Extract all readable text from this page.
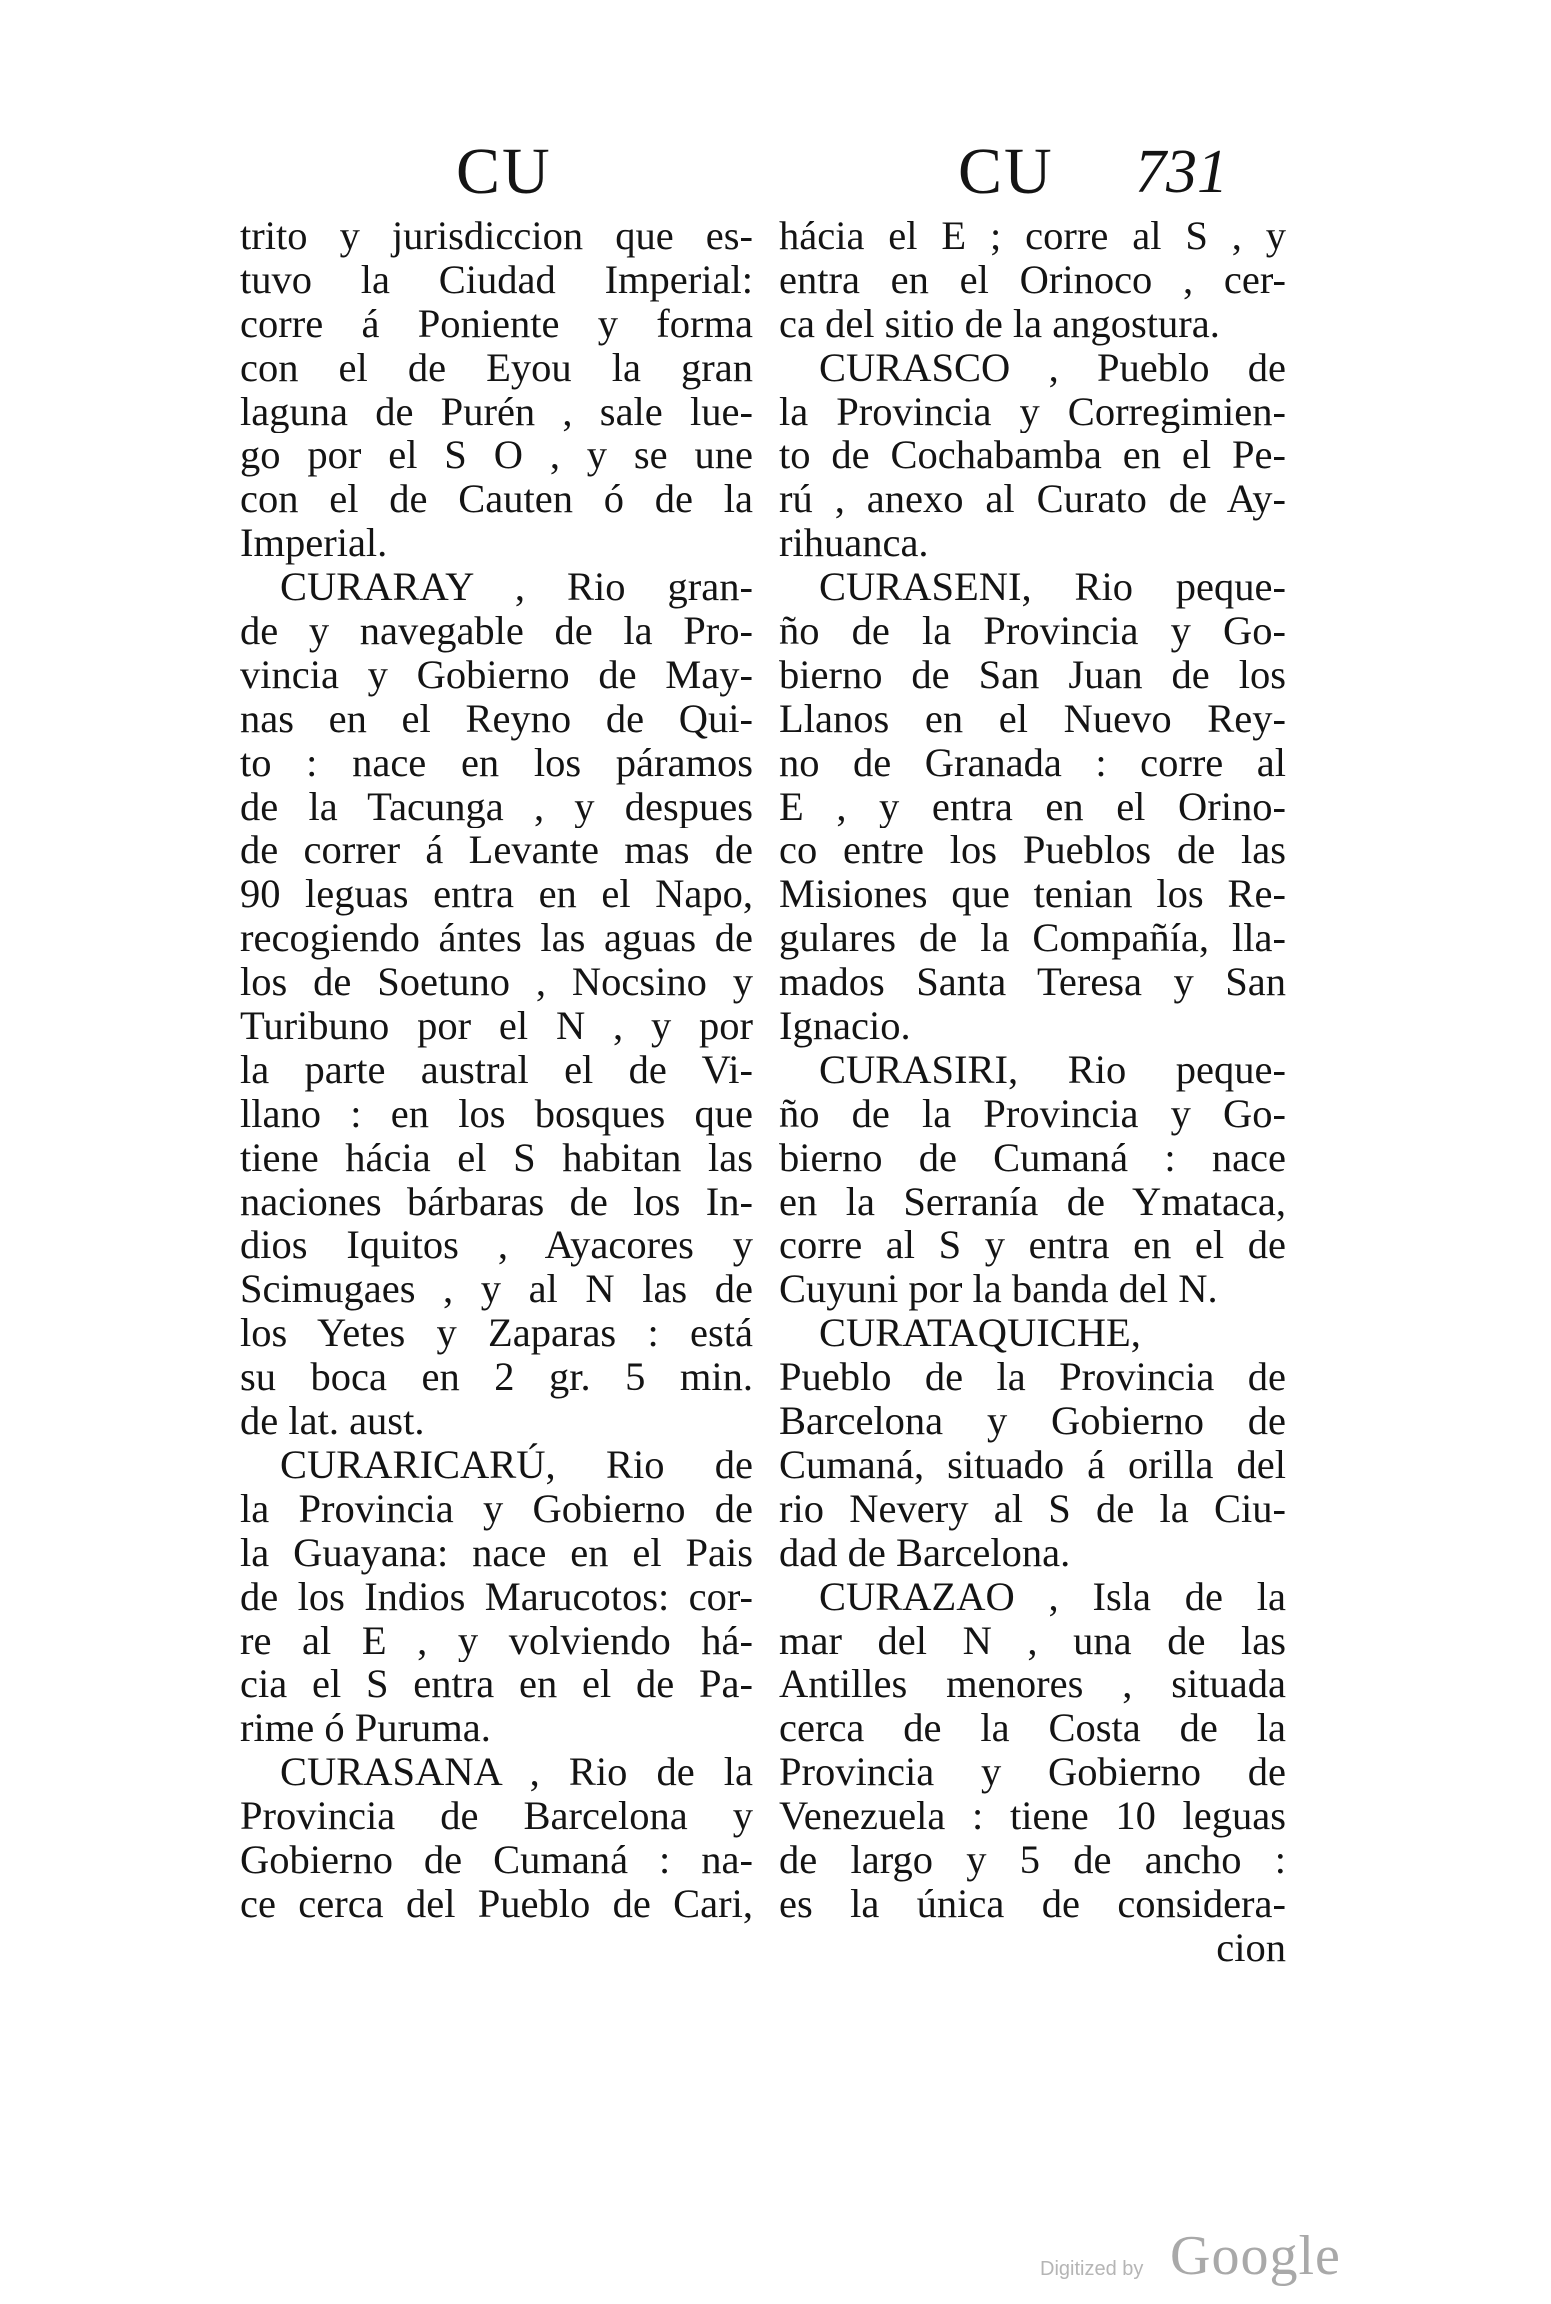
CU	CU 731
trito y jurisdiccion que es-
tuvo la Ciudad Imperial:
corre á Poniente y forma
con el de Eyou la gran
laguna de Purén , sale lue-
go por el S O , y se une
con el de Cauten ó de la
Imperial.
CURARAY , Rio gran-
de y navegable de la Pro-
vincia y Gobierno de May-
nas en el Reyno de Qui-
to : nace en los páramos
de la Tacunga , y despues
de correr á Levante mas de
90 leguas entra en el Napo,
recogiendo ántes las aguas de
los de Soetuno , Nocsino y
Turibuno por el N , y por
la parte austral el de Vi-
llano : en los bosques que
tiene hácia el S habitan las
naciones bárbaras de los In-
dios Iquitos , Ayacores y
Scimugaes , y al N las de
los Yetes y Zaparas : está
su boca en 2 gr. 5 min.
de lat. aust.
CURARICARÚ, Rio de
la Provincia y Gobierno de
la Guayana: nace en el Pais
de los Indios Marucotos: cor-
re al E , y volviendo há-
cia el S entra en el de Pa-
rime ó Puruma.
CURASANA , Rio de la
Provincia de Barcelona y
Gobierno de Cumaná : na-
ce cerca del Pueblo de Cari,
hácia el E ; corre al S , y
entra en el Orinoco , cer-
ca del sitio de la angostura.
CURASCO , Pueblo de
la Provincia y Corregimien-
to de Cochabamba en el Pe-
rú , anexo al Curato de Ay-
rihuanca.
CURASENI, Rio peque-
ño de la Provincia y Go-
bierno de San Juan de los
Llanos en el Nuevo Rey-
no de Granada : corre al
E , y entra en el Orino-
co entre los Pueblos de las
Misiones que tenian los Re-
gulares de la Compañía, lla-
mados Santa Teresa y San
Ignacio.
CURASIRI, Rio peque-
ño de la Provincia y Go-
bierno de Cumaná : nace
en la Serranía de Ymataca,
corre al S y entra en el de
Cuyuni por la banda del N.
CURATAQUICHE,
Pueblo de la Provincia de
Barcelona y Gobierno de
Cumaná, situado á orilla del
rio Nevery al S de la Ciu-
dad de Barcelona.
CURAZAO , Isla de la
mar del N , una de las
Antilles menores , situada
cerca de la Costa de la
Provincia y Gobierno de
Venezuela : tiene 10 leguas
de largo y 5 de ancho :
es la única de considera-
cion
Digitized by Google
